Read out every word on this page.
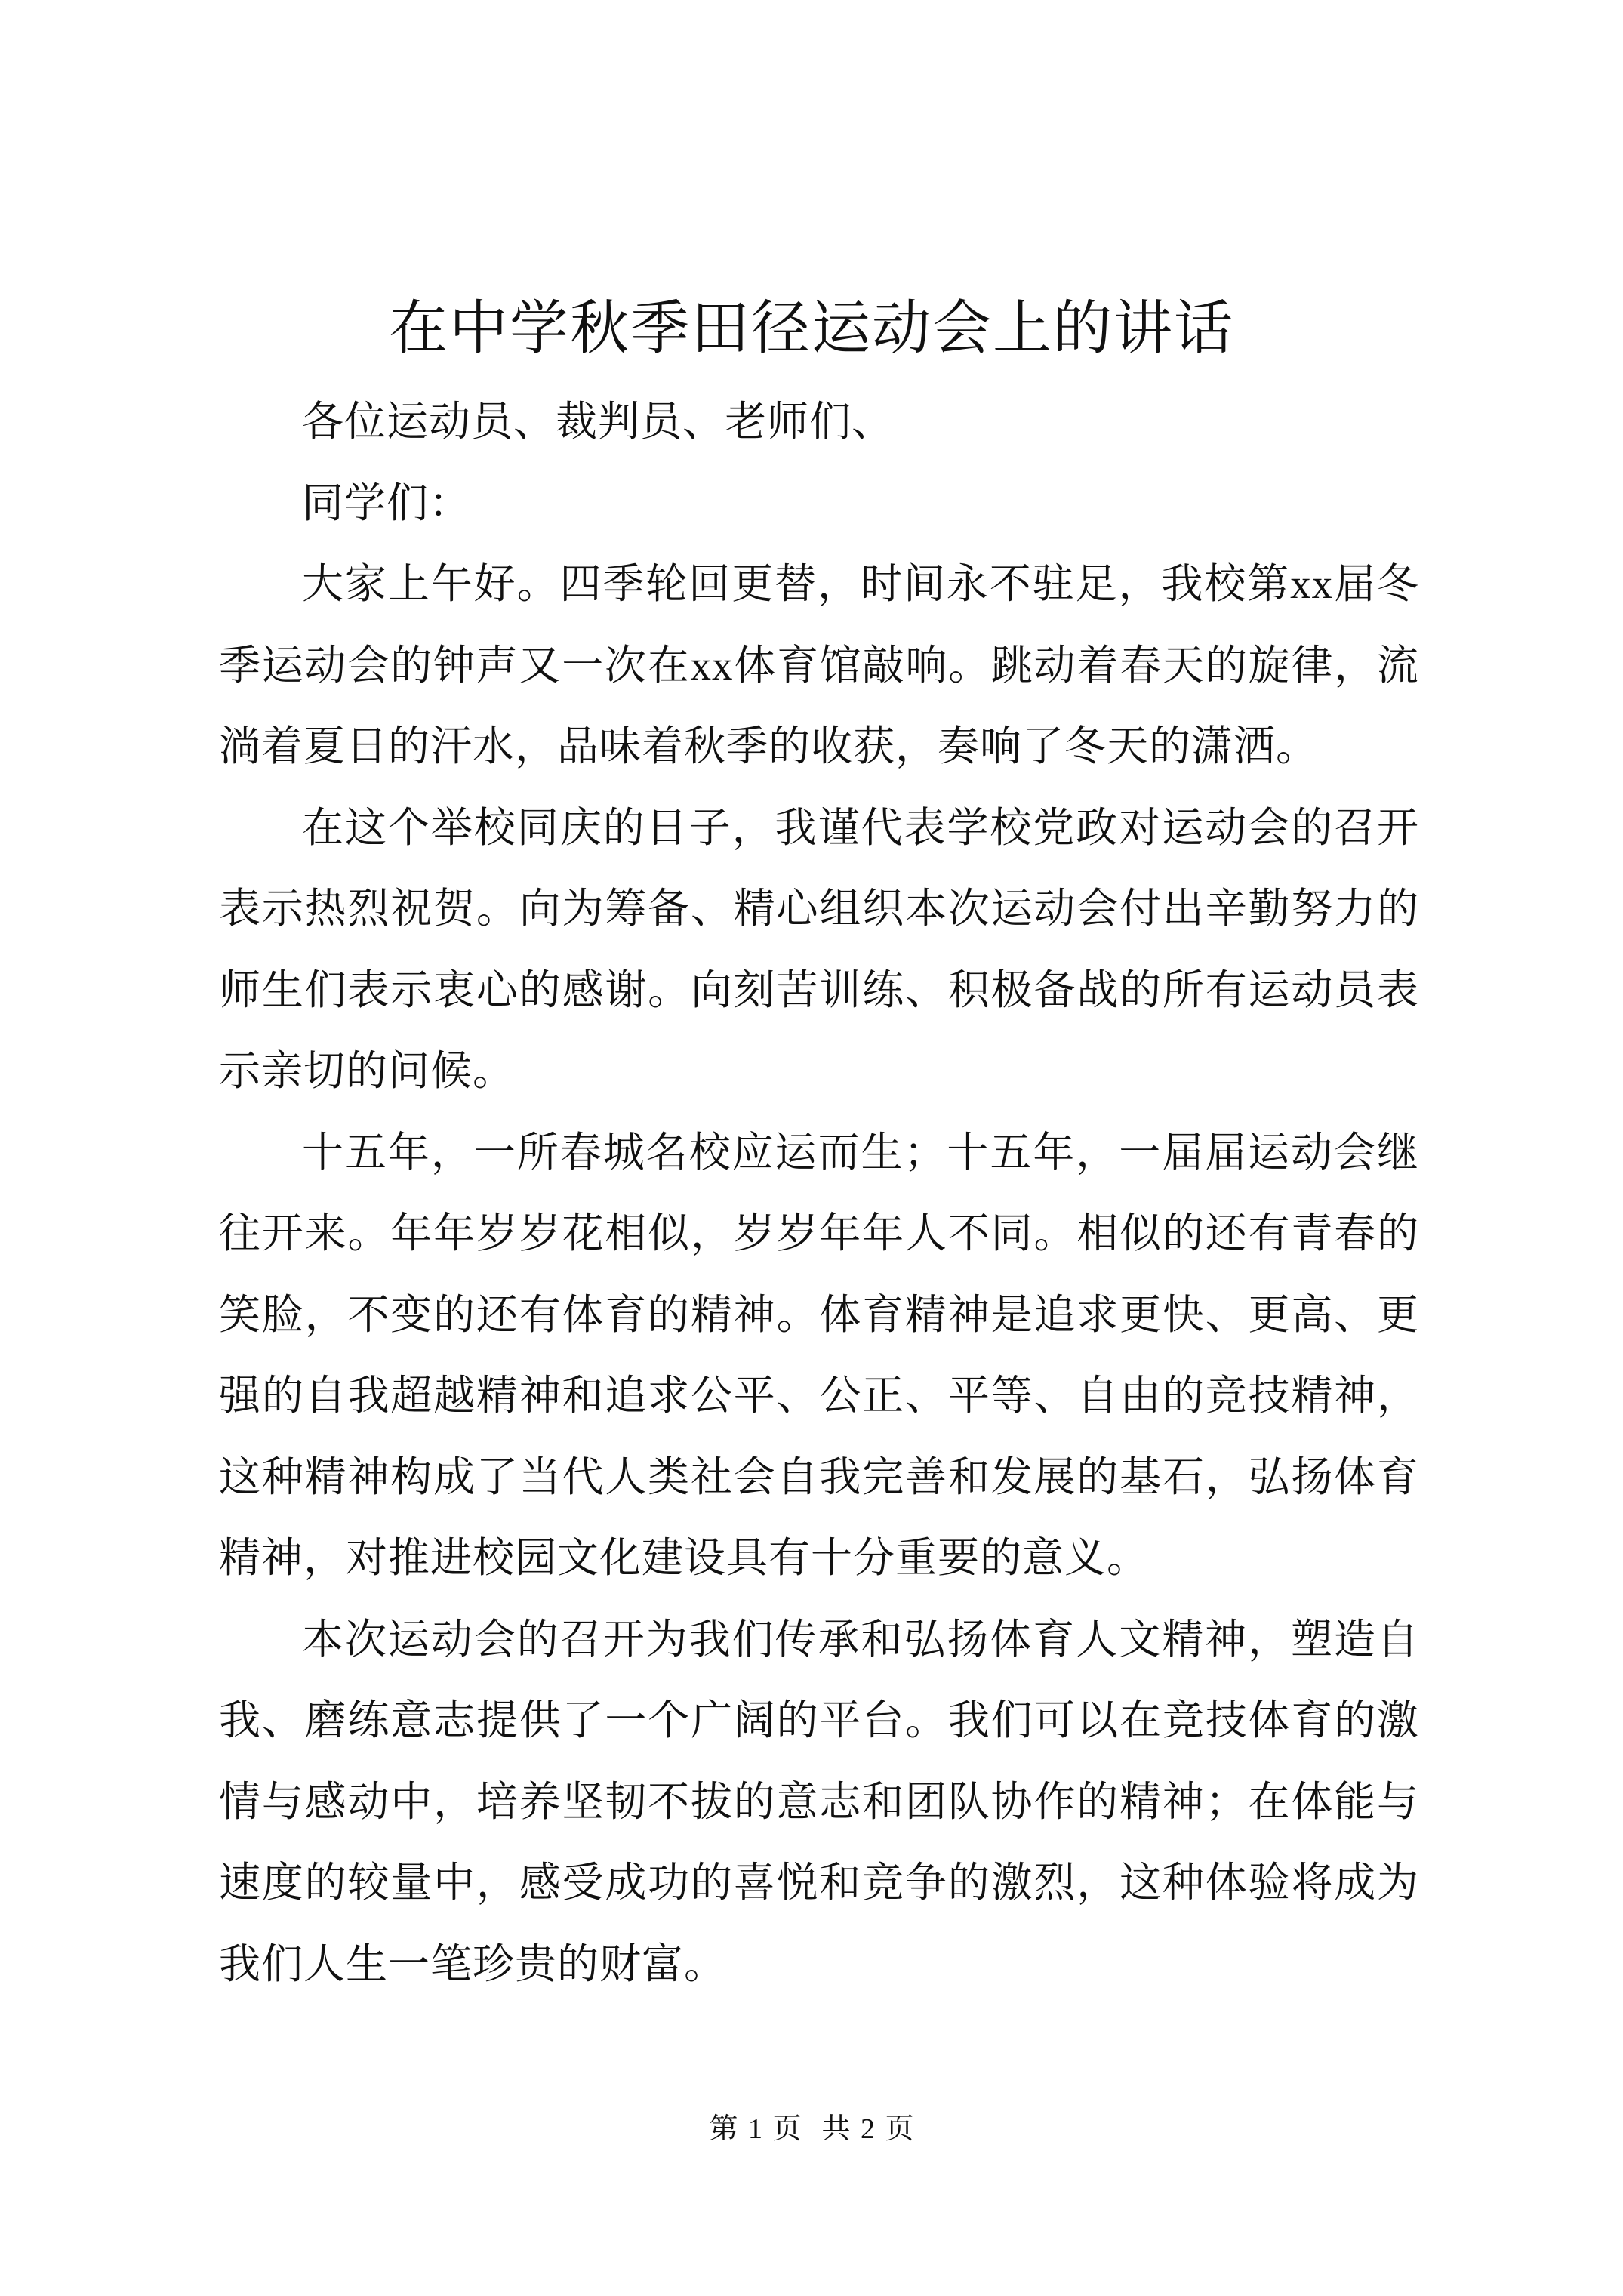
在中学秋季田径运动会上的讲话

各位运动员、裁判员、老师们、

同学们：

大家上午好。四季轮回更替，时间永不驻足，我校第xx届冬季运动会的钟声又一次在xx体育馆敲响。跳动着春天的旋律，流淌着夏日的汗水，品味着秋季的收获，奏响了冬天的潇洒。

在这个举校同庆的日子，我谨代表学校党政对运动会的召开表示热烈祝贺。向为筹备、精心组织本次运动会付出辛勤努力的师生们表示衷心的感谢。向刻苦训练、积极备战的所有运动员表示亲切的问候。

十五年，一所春城名校应运而生；十五年，一届届运动会继往开来。年年岁岁花相似，岁岁年年人不同。相似的还有青春的笑脸，不变的还有体育的精神。体育精神是追求更快、更高、更强的自我超越精神和追求公平、公正、平等、自由的竞技精神，这种精神构成了当代人类社会自我完善和发展的基石，弘扬体育精神，对推进校园文化建设具有十分重要的意义。

本次运动会的召开为我们传承和弘扬体育人文精神，塑造自我、磨练意志提供了一个广阔的平台。我们可以在竞技体育的激情与感动中，培养坚韧不拔的意志和团队协作的精神；在体能与速度的较量中，感受成功的喜悦和竞争的激烈，这种体验将成为我们人生一笔珍贵的财富。

第 1 页 共 2 页
